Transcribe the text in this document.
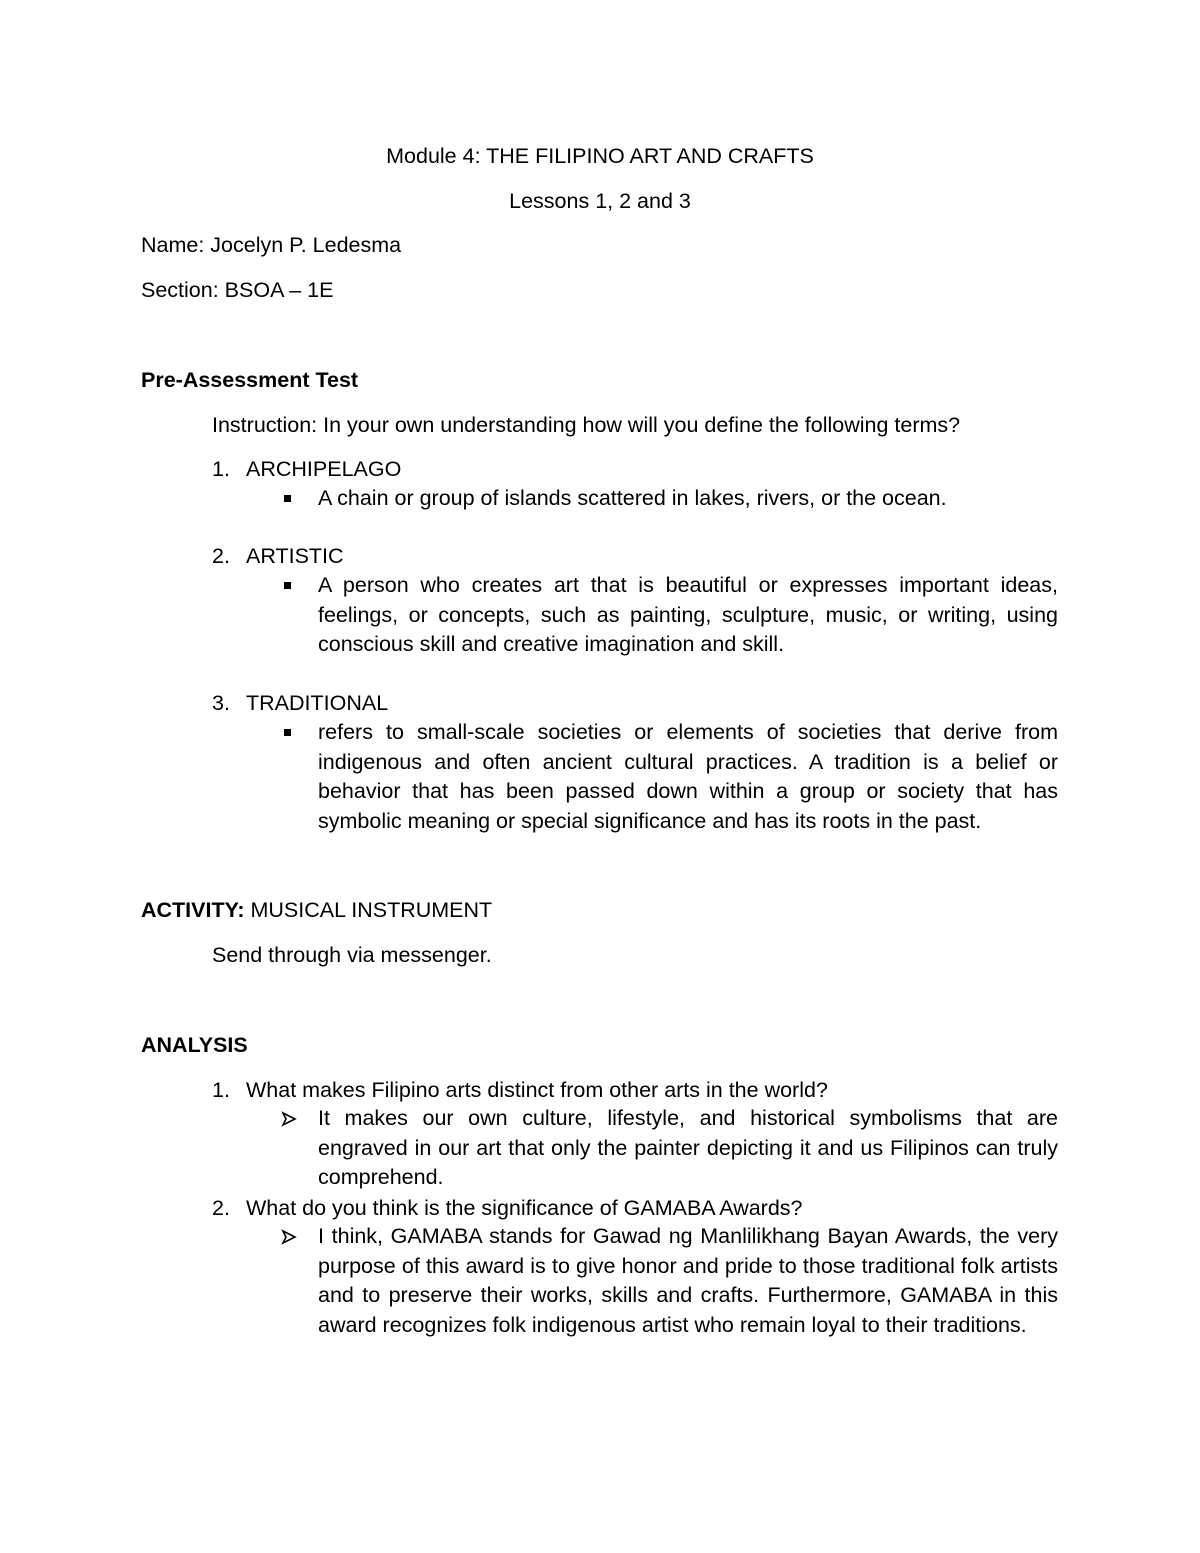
Module 4: THE FILIPINO ART AND CRAFTS
Lessons 1, 2 and 3
Name: Jocelyn P. Ledesma
Section: BSOA – 1E
Pre-Assessment Test
Instruction: In your own understanding how will you define the following terms?
1. ARCHIPELAGO
A chain or group of islands scattered in lakes, rivers, or the ocean.
2. ARTISTIC
A person who creates art that is beautiful or expresses important ideas, feelings, or concepts, such as painting, sculpture, music, or writing, using conscious skill and creative imagination and skill.
3. TRADITIONAL
refers to small-scale societies or elements of societies that derive from indigenous and often ancient cultural practices. A tradition is a belief or behavior that has been passed down within a group or society that has symbolic meaning or special significance and has its roots in the past.
ACTIVITY: MUSICAL INSTRUMENT
Send through via messenger.
ANALYSIS
1. What makes Filipino arts distinct from other arts in the world?
It makes our own culture, lifestyle, and historical symbolisms that are engraved in our art that only the painter depicting it and us Filipinos can truly comprehend.
2. What do you think is the significance of GAMABA Awards?
I think, GAMABA stands for Gawad ng Manlilikhang Bayan Awards, the very purpose of this award is to give honor and pride to those traditional folk artists and to preserve their works, skills and crafts. Furthermore, GAMABA in this award recognizes folk indigenous artist who remain loyal to their traditions.
